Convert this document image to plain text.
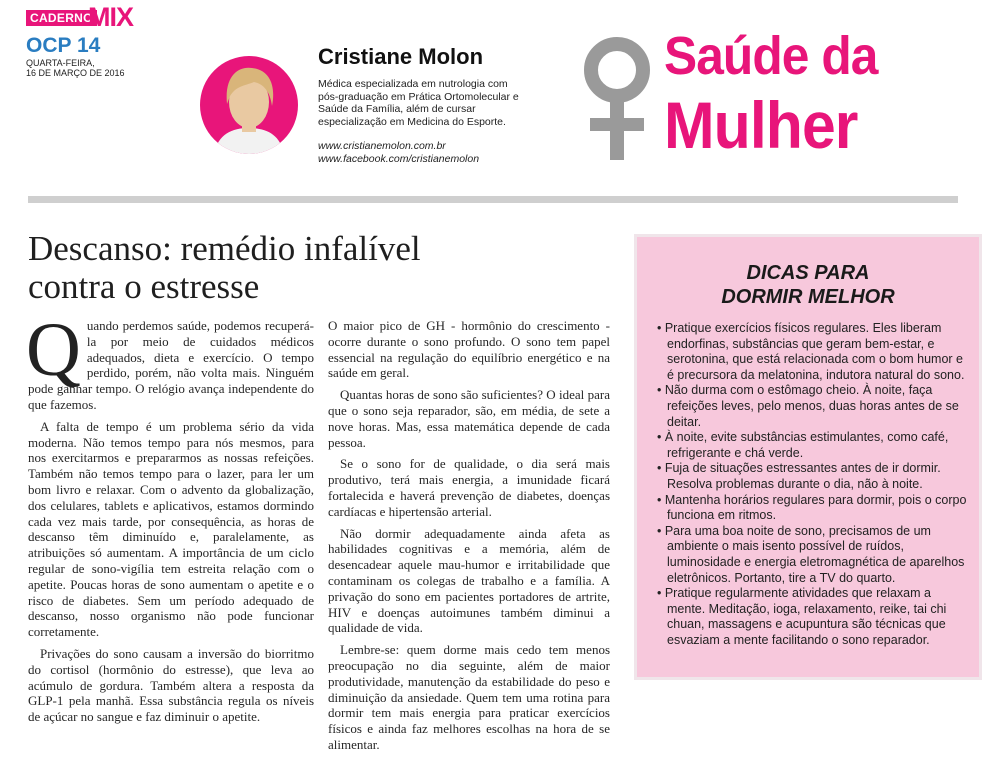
CADERNO
MIX
OCP 14
QUARTA-FEIRA,
16 DE MARÇO DE 2016
Cristiane Molon
Médica especializada em nutrologia com pós-graduação em Prática Ortomolecular e Saúde da Família, além de cursar especialização em Medicina do Esporte.
www.cristianemolon.com.br
www.facebook.com/cristianemolon
Saúde da
Mulher
Descanso: remédio infalível contra o estresse
Q uando perdemos saúde, podemos recuperá-la por meio de cuidados médicos adequados, dieta e exercício. O tempo perdido, porém, não volta mais. Ninguém pode ganhar tempo. O relógio avança independente do que fazemos.

A falta de tempo é um problema sério da vida moderna. Não temos tempo para nós mesmos, para nos exercitarmos e prepararmos as nossas refeições. Também não temos tempo para o lazer, para ler um bom livro e relaxar. Com o advento da globalização, dos celulares, tablets e aplicativos, estamos dormindo cada vez mais tarde, por consequência, as horas de descanso têm diminuído e, paralelamente, as atribuições só aumentam. A importância de um ciclo regular de sono-vigília tem estreita relação com o apetite. Poucas horas de sono aumentam o apetite e o risco de diabetes. Sem um período adequado de descanso, nosso organismo não pode funcionar corretamente.

Privações do sono causam a inversão do biorritmo do cortisol (hormônio do estresse), que leva ao acúmulo de gordura. Também altera a resposta da GLP-1 pela manhã. Essa substância regula os níveis de açúcar no sangue e faz diminuir o apetite.

O maior pico de GH - hormônio do crescimento - ocorre durante o sono profundo. O sono tem papel essencial na regulação do equilíbrio energético e na saúde em geral.

Quantas horas de sono são suficientes? O ideal para que o sono seja reparador, são, em média, de sete a nove horas. Mas, essa matemática depende de cada pessoa.

Se o sono for de qualidade, o dia será mais produtivo, terá mais energia, a imunidade ficará fortalecida e haverá prevenção de diabetes, doenças cardíacas e hipertensão arterial.

Não dormir adequadamente ainda afeta as habilidades cognitivas e a memória, além de desencadear aquele mau-humor e irritabilidade que contaminam os colegas de trabalho e a família. A privação do sono em pacientes portadores de artrite, HIV e doenças autoimunes também diminui a qualidade de vida.

Lembre-se: quem dorme mais cedo tem menos preocupação no dia seguinte, além de maior produtividade, manutenção da estabilidade do peso e diminuição da ansiedade. Quem tem uma rotina para dormir tem mais energia para praticar exercícios físicos e ainda faz melhores escolhas na hora de se alimentar.

DICAS PARA
DORMIR MELHOR
• Pratique exercícios físicos regulares. Eles liberam endorfinas, substâncias que geram bem-estar, e serotonina, que está relacionada com o bom humor e é precursora da melatonina, indutora natural do sono.
• Não durma com o estômago cheio. À noite, faça refeições leves, pelo menos, duas horas antes de se deitar.
• À noite, evite substâncias estimulantes, como café, refrigerante e chá verde.
• Fuja de situações estressantes antes de ir dormir. Resolva problemas durante o dia, não à noite.
• Mantenha horários regulares para dormir, pois o corpo funciona em ritmos.
• Para uma boa noite de sono, precisamos de um ambiente o mais isento possível de ruídos, luminosidade e energia eletromagnética de aparelhos eletrônicos. Portanto, tire a TV do quarto.
• Pratique regularmente atividades que relaxam a mente. Meditação, ioga, relaxamento, reike, tai chi chuan, massagens e acupuntura são técnicas que esvaziam a mente facilitando o sono reparador.
